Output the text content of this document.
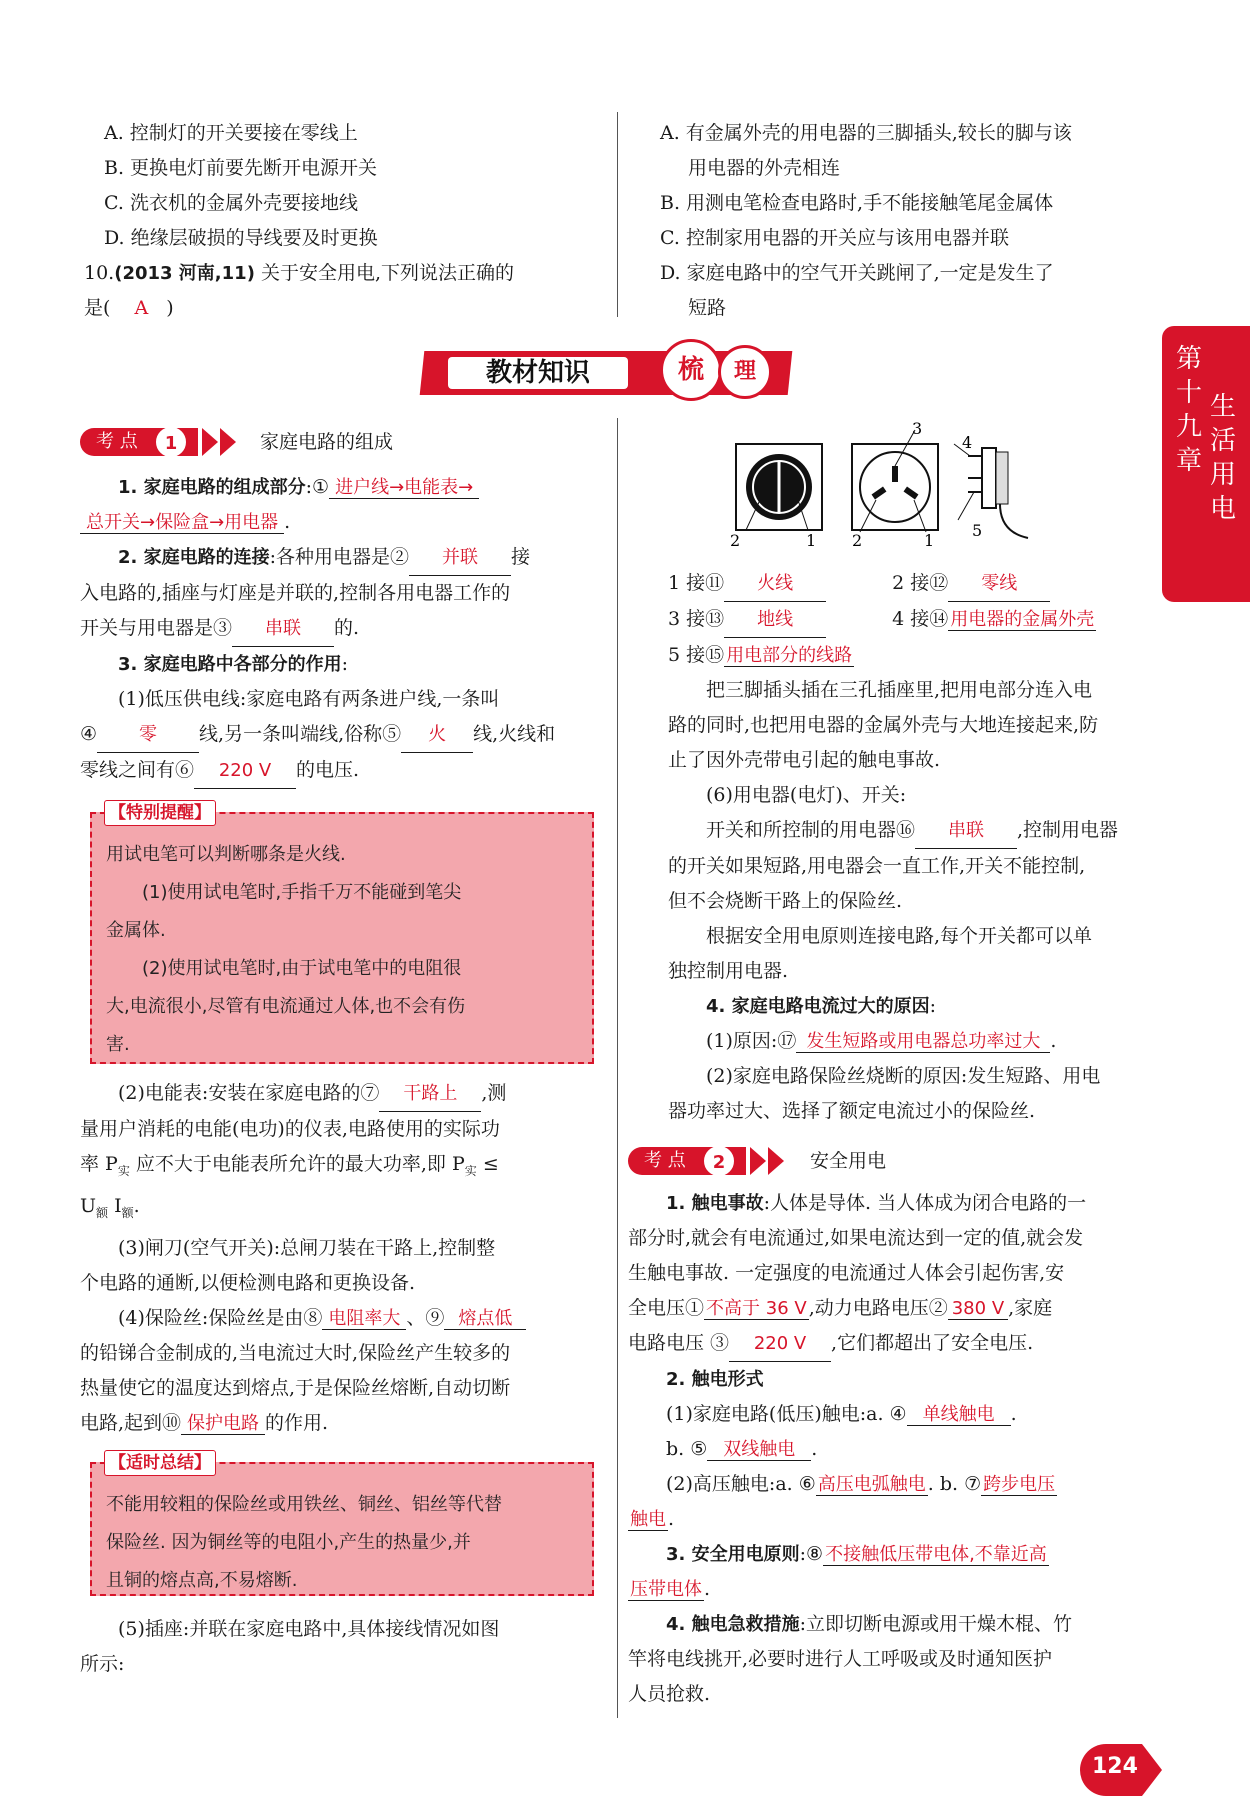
A. 控制灯的开关要接在零线上

B. 更换电灯前要先断开电源开关

C. 洗衣机的金属外壳要接地线

D. 绝缘层破损的导线要及时更换

10.(2013 河南,11) 关于安全用电,下列说法正确的

是( A )

A. 有金属外壳的用电器的三脚插头,较长的脚与该

用电器的外壳相连

B. 用测电笔检查电路时,手不能接触笔尾金属体

C. 控制家用电器的开关应与该用电器并联

D. 家庭电路中的空气开关跳闸了,一定是发生了

短路

教材知识	梳	理	第十九章
生活用电
考 点	1	家庭电路的组成

1. 家庭电路的组成部分:① 进户线→电能表→

总开关→保险盒→用电器 .

2. 家庭电路的连接:各种用电器是② 并联 接

入电路的,插座与灯座是并联的,控制各用电器工作的

开关与用电器是③ 串联 的.

3. 家庭电路中各部分的作用:

(1)低压供电线:家庭电路有两条进户线,一条叫

④ 零 线,另一条叫端线,俗称⑤ 火 线,火线和

零线之间有⑥ 220 V 的电压.

【特别提醒】
用试电笔可以判断哪条是火线.
(1)使用试电笔时,手指千万不能碰到笔尖
金属体.
(2)使用试电笔时,由于试电笔中的电阻很
大,电流很小,尽管有电流通过人体,也不会有伤
害.

(2)电能表:安装在家庭电路的⑦ 干路上 ,测

量用户消耗的电能(电功)的仪表,电路使用的实际功

率 $P_实$ 应不大于电能表所允许的最大功率,即 $P_实$ ≤

$U_额$ $I_额$.

(3)闸刀(空气开关):总闸刀装在干路上,控制整

个电路的通断,以便检测电路和更换设备.

(4)保险丝:保险丝是由⑧ 电阻率大 、⑨ 熔点低

的铅锑合金制成的,当电流过大时,保险丝产生较多的

热量使它的温度达到熔点,于是保险丝熔断,自动切断

电路,起到⑩ 保护电路 的作用.

【适时总结】
不能用较粗的保险丝或用铁丝、铜丝、铝丝等代替
保险丝. 因为铜丝等的电阻小,产生的热量少,并
且铜的熔点高,不易熔断.

(5)插座:并联在家庭电路中,具体接线情况如图

所示:

2	1
3
2	1
4
5

1 接⑪ 火线	2 接⑫ 零线

3 接⑬ 地线	4 接⑭ 用电器的金属外壳

5 接⑮ 用电部分的线路

把三脚插头插在三孔插座里,把用电部分连入电

路的同时,也把用电器的金属外壳与大地连接起来,防

止了因外壳带电引起的触电事故.

(6)用电器(电灯)、开关:

开关和所控制的用电器⑯ 串联 ,控制用电器

的开关如果短路,用电器会一直工作,开关不能控制,

但不会烧断干路上的保险丝.

根据安全用电原则连接电路,每个开关都可以单

独控制用电器.

4. 家庭电路电流过大的原因:

(1)原因:⑰ 发生短路或用电器总功率过大 .

(2)家庭电路保险丝烧断的原因:发生短路、用电

器功率过大、选择了额定电流过小的保险丝.

考 点	2	安全用电

1. 触电事故:人体是导体. 当人体成为闭合电路的一

部分时,就会有电流通过,如果电流达到一定的值,就会发

生触电事故. 一定强度的电流通过人体会引起伤害,安

全电压① 不高于 36 V ,动力电路电压② 380 V ,家庭

电路电压 ③ 220 V ,它们都超出了安全电压.

2. 触电形式

(1)家庭电路(低压)触电:a. ④ 单线触电 .

b. ⑤ 双线触电 .

(2)高压触电:a. ⑥ 高压电弧触电 . b. ⑦ 跨步电压

触电 .

3. 安全用电原则:⑧ 不接触低压带电体,不靠近高

压带电体 .

4. 触电急救措施:立即切断电源或用干燥木棍、竹

竿将电线挑开,必要时进行人工呼吸或及时通知医护

人员抢救.

124
